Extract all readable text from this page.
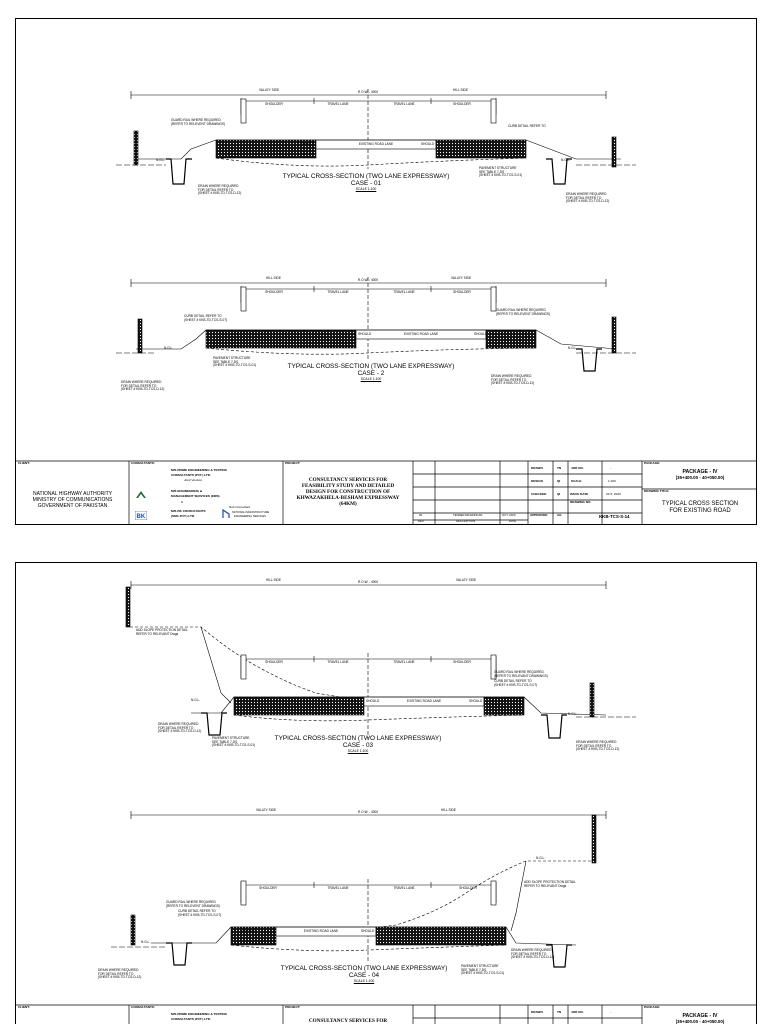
R.O.W. - 4000
VALLEY SIDE	HILL SIDE
SHOULDER	TRAVEL LANE	TRAVEL LANE	SHOULDER
EXISTING ROAD LANE
SHOULD	SHOULD
N.G.L.	N.G.L.
GUARD RAIL WHERE REQUIRED
(REFER TO RELEVENT DRAWINGS)
DRAIN WHERE REQUIRED
FOR DETAIL REFER TO
(SHEET # KKB-TD-TCS-D-12)
CURB DETAIL REFER TO
PAVEMENT STRUCTURE
SEE TABLE 7-DS
(SHEET # KKB-TD-TCS-S-01)
DRAIN WHERE REQUIRED
FOR DETAIL REFER TO
(SHEET # KKB-TD-TCS-D-12)
TYPICAL CROSS-SECTION (TWO LANE EXPRESSWAY)
CASE - 01
SCALE 1:100
R.O.W. - 4000
HILL SIDE	VALLEY SIDE
SHOULDER	TRAVEL LANE	TRAVEL LANE	SHOULDER
EXISTING ROAD LANE
SHOULD	SHOULD
N.G.L.	N.G.L.
CURB DETAIL REFER TO
(SHEET # KKB-TD-TCS-S-07)
PAVEMENT STRUCTURE
SEE TABLE 7-DS
(SHEET # KKB-TD-TCS-S-01)
DRAIN WHERE REQUIRED
FOR DETAIL REFER TO
(SHEET # KKB-TD-TCS-D-12)
GUARD RAIL WHERE REQUIRED
(REFER TO RELEVENT DRAWINGS)
DRAIN WHERE REQUIRED
FOR DETAIL REFER TO
(SHEET # KKB-TD-TCS-D-12)
TYPICAL CROSS-SECTION (TWO LANE EXPRESSWAY)
CASE - 2
SCALE 1:100
CLIENT:
NATIONAL HIGHWAY AUTHORITY
MINISTRY OF COMMUNICATIONS
GOVERNMENT OF PAKISTAN
CONSULTANTS:
M/S PRIME ENGINEERING & TESTING
CONSULTANTS (PVT.) LTD.
Joint Venture
M/S ENGINEERING &
MANAGEMENT SERVICES (EMS)
&
Sub Consultant
M/S BK CONSULTANTS
(SMC-PVT.) LTD.
NATIONAL INFRASTRUCTURE
ENGINEERING SERVICES
BK
PROJECT:
CONSULTANCY SERVICES FOR
FEASIBILITY STUDY AND DETAILED
DESIGN FOR CONSTRUCTION OF
KHWAZAKHELA-BESHAM EXPRESSWAY
(64KM)
00	TENDER DRAWINGSS	OCT, 2020
REV.	DESCRIPTION	DATE
DRAWN	TN
DESIGN	QI
CHECKED	QI
APPROVED	AG
JOB NO.	-
SCALE	1:100
ISSUE DATE	OCT, 2020
DRAWING NO.
KKB-TCS-S-14
PACKAGE:
PACKAGE - IV
(35+400.00 - 40+050.00)
DRAWING TITLE:
TYPICAL CROSS SECTION
FOR EXISTING ROAD
R.O.W. - 4000
HILL SIDE	VALLEY SIDE
SHOULDER	TRAVEL LANE	TRAVEL LANE	SHOULDER
EXISTING ROAD LANE
SHOULD	SHOULD
N.G.L.
N.G.L.
ADD SLOPE PROTECTION DETAIL
REFER TO RELEVANT Dwgs
DRAIN WHERE REQUIRED
FOR DETAIL REFER TO
(SHEET # KKB-TD-TCS-D-12)
PAVEMENT STRUCTURE
SEE TABLE 7-DS
(SHEET # KKB-TD-TCS-S-01)
GUARD RAIL WHERE REQUIRED
(REFER TO RELEVANT DRAWINGS)
CURB DETAIL REFER TO
(SHEET # KKB-TD-TCS-S-07)
DRAIN WHERE REQUIRED
FOR DETAIL REFER TO
(SHEET # KKB-TD-TCS-D-12)
TYPICAL CROSS-SECTION (TWO LANE EXPRESSWAY)
CASE - 03
SCALE 1:100
R.O.W. - 4000
VALLEY SIDE	HILL SIDE
SHOULDER	TRAVEL LANE	TRAVEL LANE	SHOULDER
EXISTING ROAD LANE
SHOULD	SHOULD
N.G.L.
N.G.L.
GUARD RAIL WHERE REQUIRED
(REFER TO RELEVENT DRAWINGS)
CURB DETAIL REFER TO
(SHEET # KKB-TD-TCS-S-07)
DRAIN WHERE REQUIRED
FOR DETAIL REFER TO
(SHEET # KKB-TD-TCS-D-12)
PAVEMENT STRUCTURE
SEE TABLE 7-DS
(SHEET # KKB-TD-TCS-S-01)
ADD SLOPE PROTECTION DETAIL
REFER TO RELEVANT Dwgs
DRAIN WHERE REQUIRED
FOR DETAIL REFER TO
(SHEET # KKB-TD-TCS-D-12)
TYPICAL CROSS-SECTION (TWO LANE EXPRESSWAY)
CASE - 04
SCALE 1:100
CLIENT:	CONSULTANTS:
M/S PRIME ENGINEERING & TESTING
CONSULTANTS (PVT.) LTD.
PROJECT:
CONSULTANCY SERVICES FOR
DRAWN	TN	JOB NO.	-
PACKAGE:
PACKAGE - IV
(35+400.00 - 40+050.00)
